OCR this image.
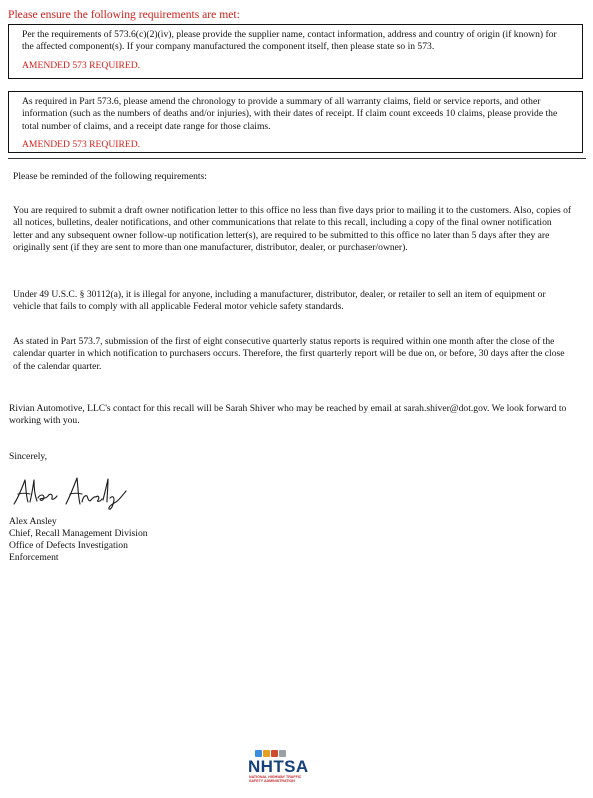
Please ensure the following requirements are met:
Per the requirements of 573.6(c)(2)(iv), please provide the supplier name, contact information, address and country of origin (if known) for the affected component(s). If your company manufactured the component itself, then please state so in 573.
AMENDED 573 REQUIRED.
As required in Part 573.6, please amend the chronology to provide a summary of all warranty claims, field or service reports, and other information (such as the numbers of deaths and/or injuries), with their dates of receipt. If claim count exceeds 10 claims, please provide the total number of claims, and a receipt date range for those claims.
AMENDED 573 REQUIRED.
Please be reminded of the following requirements:
You are required to submit a draft owner notification letter to this office no less than five days prior to mailing it to the customers. Also, copies of all notices, bulletins, dealer notifications, and other communications that relate to this recall, including a copy of the final owner notification letter and any subsequent owner follow-up notification letter(s), are required to be submitted to this office no later than 5 days after they are originally sent (if they are sent to more than one manufacturer, distributor, dealer, or purchaser/owner).
Under 49 U.S.C. § 30112(a), it is illegal for anyone, including a manufacturer, distributor, dealer, or retailer to sell an item of equipment or vehicle that fails to comply with all applicable Federal motor vehicle safety standards.
As stated in Part 573.7, submission of the first of eight consecutive quarterly status reports is required within one month after the close of the calendar quarter in which notification to purchasers occurs. Therefore, the first quarterly report will be due on, or before, 30 days after the close of the calendar quarter.
Rivian Automotive, LLC's contact for this recall will be Sarah Shiver who may be reached by email at sarah.shiver@dot.gov. We look forward to working with you.
Sincerely,
Alex Ansley
Chief, Recall Management Division
Office of Defects Investigation
Enforcement
NHTSA
NATIONAL HIGHWAY TRAFFIC SAFETY ADMINISTRATION
